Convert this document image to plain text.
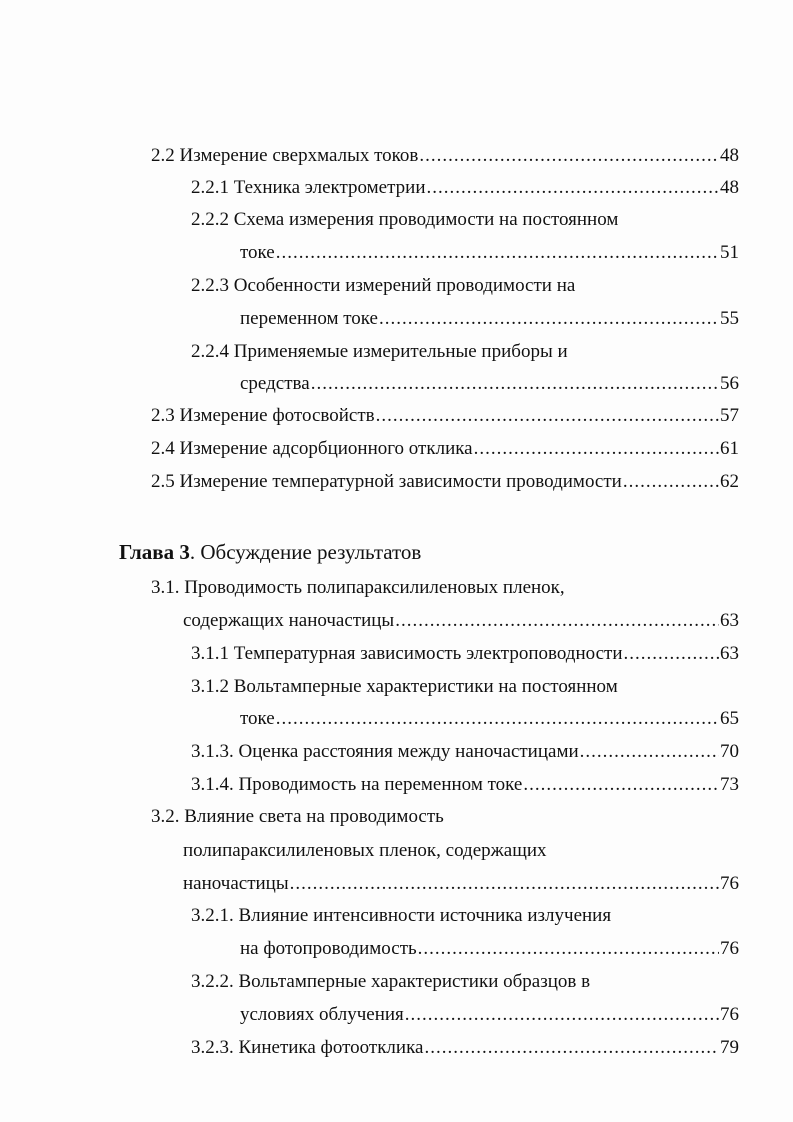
2.2 Измерение сверхмалых токов .....	48
2.2.1 Техника электрометрии .....	48
2.2.2 Схема измерения проводимости на постоянном
токе .....	51
2.2.3 Особенности измерений проводимости на
переменном токе .....	55
2.2.4 Применяемые измерительные приборы и
средства .....	56
2.3 Измерение фотосвойств .....	57
2.4 Измерение адсорбционного отклика .....	61
2.5 Измерение температурной зависимости проводимости .....	62
Глава 3. Обсуждение результатов
3.1. Проводимость полипараксилиленовых пленок,
содержащих наночастицы .....	63
3.1.1 Температурная зависимость электроповодности .....	63
3.1.2 Вольтамперные характеристики на постоянном
токе .....	65
3.1.3. Оценка расстояния между наночастицами .....	70
3.1.4. Проводимость на переменном токе .....	73
3.2. Влияние света на проводимость
полипараксилиленовых пленок, содержащих
наночастицы .....	76
3.2.1. Влияние интенсивности источника излучения
на фотопроводимость .....	76
3.2.2. Вольтамперные характеристики образцов в
условиях облучения .....	76
3.2.3. Кинетика фотоотклика .....	79
